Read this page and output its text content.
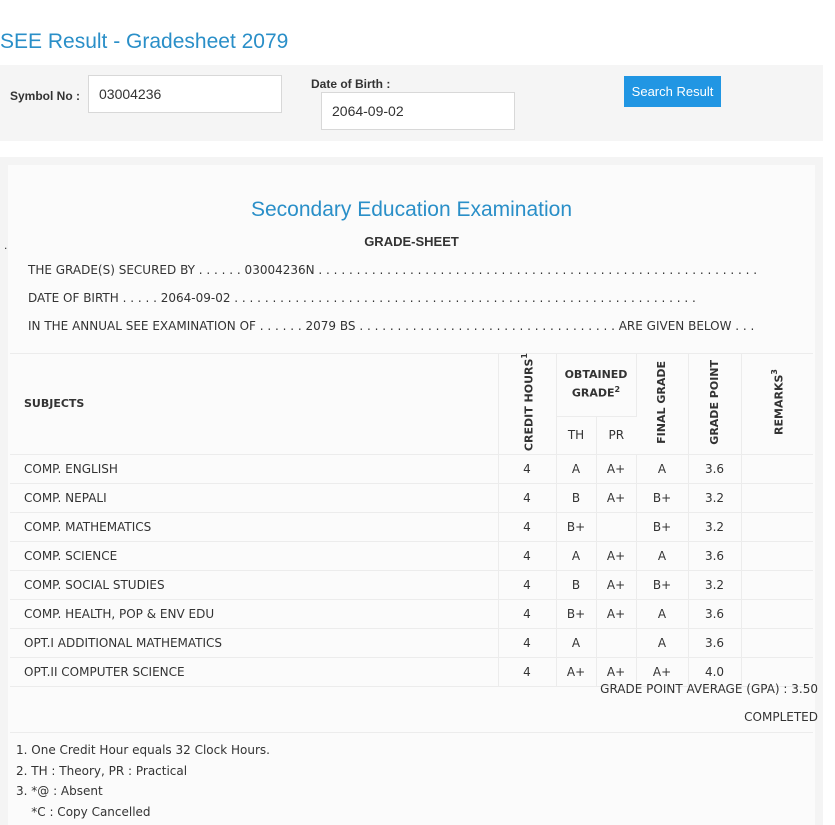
SEE Result - Gradesheet 2079
Symbol No :	03004236
Date of Birth :
2064-09-02
Search Result
.
Secondary Education Examination
GRADE-SHEET
THE GRADE(S) SECURED BY . . . . . . 03004236N . . . . . . . . . . . . . . . . . . . . . . . . . . . . . . . . . . . . . . . . . . . . . . . . . . . . . . . . . .
DATE OF BIRTH . . . . . 2064-09-02 . . . . . . . . . . . . . . . . . . . . . . . . . . . . . . . . . . . . . . . . . . . . . . . . . . . . . . . . . . . . .
IN THE ANNUAL SEE EXAMINATION OF . . . . . . 2079 BS . . . . . . . . . . . . . . . . . . . . . . . . . . . . . . . . . . ARE GIVEN BELOW . . .
SUBJECTS	CREDIT HOURS$^1$	OBTAINED GRADE$^2$		FINAL GRADE	GRADE POINT	REMARKS$^3$
		TH	PR			
COMP. ENGLISH	4	A	A+	A	3.6	
COMP. NEPALI	4	B	A+	B+	3.2	
COMP. MATHEMATICS	4	B+		B+	3.2	
COMP. SCIENCE	4	A	A+	A	3.6	
COMP. SOCIAL STUDIES	4	B	A+	B+	3.2	
COMP. HEALTH, POP & ENV EDU	4	B+	A+	A	3.6	
OPT.I ADDITIONAL MATHEMATICS	4	A		A	3.6	
OPT.II COMPUTER SCIENCE	4	A+	A+	A+	4.0	
GRADE POINT AVERAGE (GPA) : 3.50
COMPLETED
1. One Credit Hour equals 32 Clock Hours.
2. TH : Theory, PR : Practical
3. *@ : Absent
*C : Copy Cancelled
